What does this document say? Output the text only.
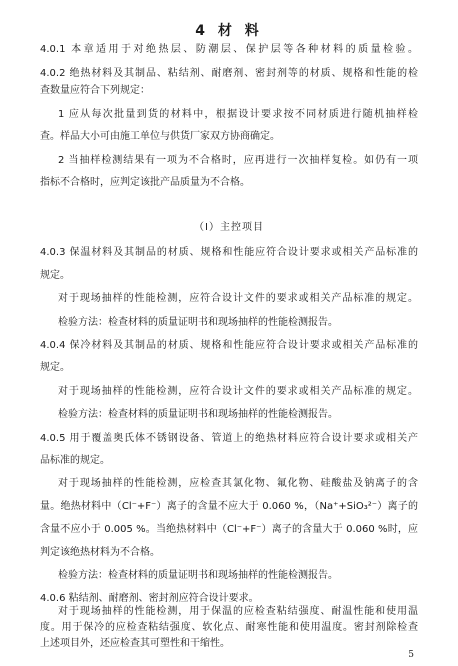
4 材 料
4.0.1 本章适用于对绝热层、防潮层、保护层等各种材料的质量检验。
4.0.2 绝热材料及其制品、粘结剂、耐磨剂、密封剂等的材质、规格和性能的检
查数量应符合下列规定：
1 应从每次批量到货的材料中，根据设计要求按不同材质进行随机抽样检
查。样品大小可由施工单位与供货厂家双方协商确定。
2 当抽样检测结果有一项为不合格时，应再进行一次抽样复检。如仍有一项
指标不合格时，应判定该批产品质量为不合格。
（Ⅰ）主控项目
4.0.3 保温材料及其制品的材质、规格和性能应符合设计要求或相关产品标准的
规定。
对于现场抽样的性能检测，应符合设计文件的要求或相关产品标准的规定。
检验方法：检查材料的质量证明书和现场抽样的性能检测报告。
4.0.4 保冷材料及其制品的材质、规格和性能应符合设计要求或相关产品标准的
规定。
对于现场抽样的性能检测，应符合设计文件的要求或相关产品标准的规定。
检验方法：检查材料的质量证明书和现场抽样的性能检测报告。
4.0.5 用于覆盖奥氏体不锈钢设备、管道上的绝热材料应符合设计要求或相关产
品标准的规定。
对于现场抽样的性能检测，应检查其氯化物、氟化物、硅酸盐及钠离子的含
量。绝热材料中（Cl⁻+F⁻）离子的含量不应大于 0.060 %，（Na⁺+SiO₃²⁻）离子的
含量不应小于 0.005 %。当绝热材料中（Cl⁻+F⁻）离子的含量大于 0.060 %时，应
判定该绝热材料为不合格。
检验方法：检查材料的质量证明书和现场抽样的性能检测报告。
4.0.6 粘结剂、耐磨剂、密封剂应符合设计要求。
对于现场抽样的性能检测，用于保温的应检查粘结强度、耐温性能和使用温
度。用于保冷的应检查粘结强度、软化点、耐寒性能和使用温度。密封剂除检查
上述项目外，还应检查其可塑性和干缩性。
5
